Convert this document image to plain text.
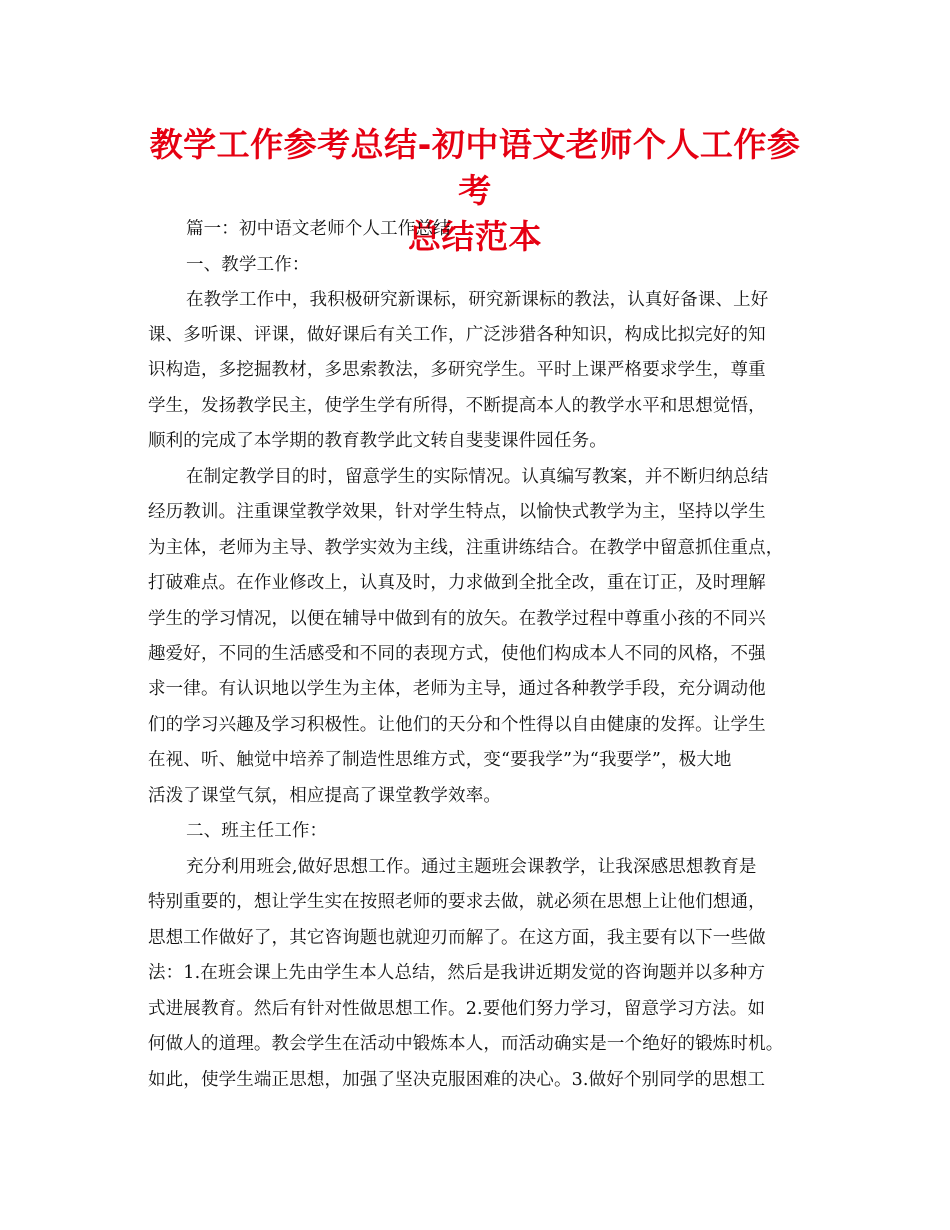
教学工作参考总结-初中语文老师个人工作参考
总结范本
篇一：初中语文老师个人工作总结
一、教学工作：
在教学工作中，我积极研究新课标，研究新课标的教法，认真好备课、上好
课、多听课、评课，做好课后有关工作，广泛涉猎各种知识，构成比拟完好的知
识构造，多挖掘教材，多思索教法，多研究学生。平时上课严格要求学生，尊重
学生，发扬教学民主，使学生学有所得，不断提高本人的教学水平和思想觉悟，
顺利的完成了本学期的教育教学此文转自斐斐课件园任务。
在制定教学目的时，留意学生的实际情况。认真编写教案，并不断归纳总结
经历教训。注重课堂教学效果，针对学生特点，以愉快式教学为主，坚持以学生
为主体，老师为主导、教学实效为主线，注重讲练结合。在教学中留意抓住重点，
打破难点。在作业修改上，认真及时，力求做到全批全改，重在订正，及时理解
学生的学习情况，以便在辅导中做到有的放矢。在教学过程中尊重小孩的不同兴
趣爱好，不同的生活感受和不同的表现方式，使他们构成本人不同的风格，不强
求一律。有认识地以学生为主体，老师为主导，通过各种教学手段，充分调动他
们的学习兴趣及学习积极性。让他们的天分和个性得以自由健康的发挥。让学生
在视、听、触觉中培养了制造性思维方式，变“要我学”为“我要学”，极大地
活泼了课堂气氛，相应提高了课堂教学效率。
二、班主任工作：
充分利用班会,做好思想工作。通过主题班会课教学，让我深感思想教育是
特别重要的，想让学生实在按照老师的要求去做，就必须在思想上让他们想通，
思想工作做好了，其它咨询题也就迎刃而解了。在这方面，我主要有以下一些做
法：1.在班会课上先由学生本人总结，然后是我讲近期发觉的咨询题并以多种方
式进展教育。然后有针对性做思想工作。2.要他们努力学习，留意学习方法。如
何做人的道理。教会学生在活动中锻炼本人，而活动确实是一个绝好的锻炼时机。
如此，使学生端正思想，加强了坚决克服困难的决心。3.做好个别同学的思想工
